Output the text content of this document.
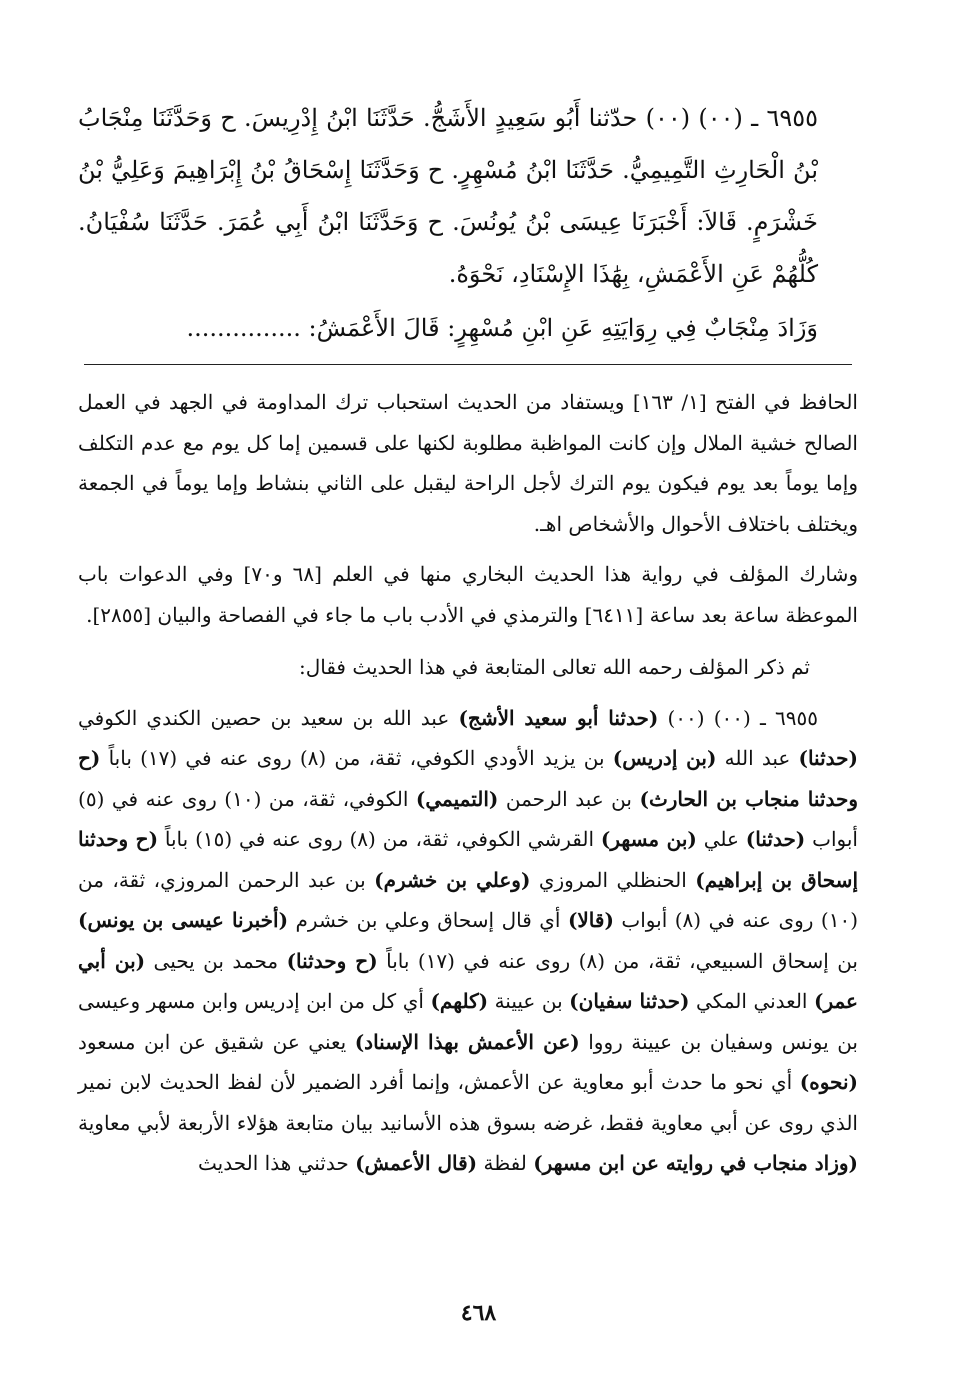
٦٩٥٥ ـ (٠٠) (٠٠) حدّثنا أَبُو سَعِيدٍ الأَشَجُّ. حَدَّثَنَا ابْنُ إِدْرِيسَ. ح وَحَدَّثَنَا مِنْجَابُ بْنُ الْحَارِثِ التَّمِيمِيُّ. حَدَّثَنَا ابْنُ مُسْهِرٍ. ح وَحَدَّثَنَا إِسْحَاقُ بْنُ إِبْرَاهِيمَ وَعَلِيُّ بْنُ خَشْرَمٍ. قَالاَ: أَخْبَرَنَا عِيسَى بْنُ يُونُسَ. ح وَحَدَّثَنَا ابْنُ أَبِي عُمَرَ. حَدَّثَنَا سُفْيَانُ. كُلُّهُمْ عَنِ الأَعْمَشِ، بِهَٰذَا الإِسْنَادِ، نَحْوَهُ.

وَزَادَ مِنْجَابٌ فِي رِوَايَتِهِ عَنِ ابْنِ مُسْهِرٍ: قَالَ الأَعْمَشُ: ...............

الحافظ في الفتح [١/ ١٦٣] ويستفاد من الحديث استحباب ترك المداومة في الجهد في العمل الصالح خشية الملال وإن كانت المواظبة مطلوبة لكنها على قسمين إما كل يوم مع عدم التكلف وإما يوماً بعد يوم فيكون يوم الترك لأجل الراحة ليقبل على الثاني بنشاط وإما يوماً في الجمعة ويختلف باختلاف الأحوال والأشخاص اهـ.

وشارك المؤلف في رواية هذا الحديث البخاري منها في العلم [٦٨ و٧٠] وفي الدعوات باب الموعظة ساعة بعد ساعة [٦٤١١] والترمذي في الأدب باب ما جاء في الفصاحة والبيان [٢٨٥٥].

ثم ذكر المؤلف رحمه الله تعالى المتابعة في هذا الحديث فقال:

٦٩٥٥ ـ (٠٠) (٠٠) (حدثنا أبو سعيد الأشج) عبد الله بن سعيد بن حصين الكندي الكوفي (حدثنا) عبد الله (بن إدريس) بن يزيد الأودي الكوفي، ثقة، من (٨) روى عنه في (١٧) باباً (ح وحدثنا منجاب بن الحارث) بن عبد الرحمن (التميمي) الكوفي، ثقة، من (١٠) روى عنه في (٥) أبواب (حدثنا) علي (بن مسهر) القرشي الكوفي، ثقة، من (٨) روى عنه في (١٥) باباً (ح وحدثنا إسحاق بن إبراهيم) الحنظلي المروزي (وعلي بن خشرم) بن عبد الرحمن المروزي، ثقة، من (١٠) روى عنه في (٨) أبواب (قالا) أي قال إسحاق وعلي بن خشرم (أخبرنا عيسى بن يونس) بن إسحاق السبيعي، ثقة، من (٨) روى عنه في (١٧) باباً (ح وحدثنا) محمد بن يحيى (بن أبي عمر) العدني المكي (حدثنا سفيان) بن عيينة (كلهم) أي كل من ابن إدريس وابن مسهر وعيسى بن يونس وسفيان بن عيينة رووا (عن الأعمش بهذا الإسناد) يعني عن شقيق عن ابن مسعود (نحوه) أي نحو ما حدث أبو معاوية عن الأعمش، وإنما أفرد الضمير لأن لفظ الحديث لابن نمير الذي روى عن أبي معاوية فقط، غرضه بسوق هذه الأسانيد بيان متابعة هؤلاء الأربعة لأبي معاوية (وزاد منجاب في روايته عن ابن مسهر) لفظة (قال الأعمش) حدثني هذا الحديث

٤٦٨
